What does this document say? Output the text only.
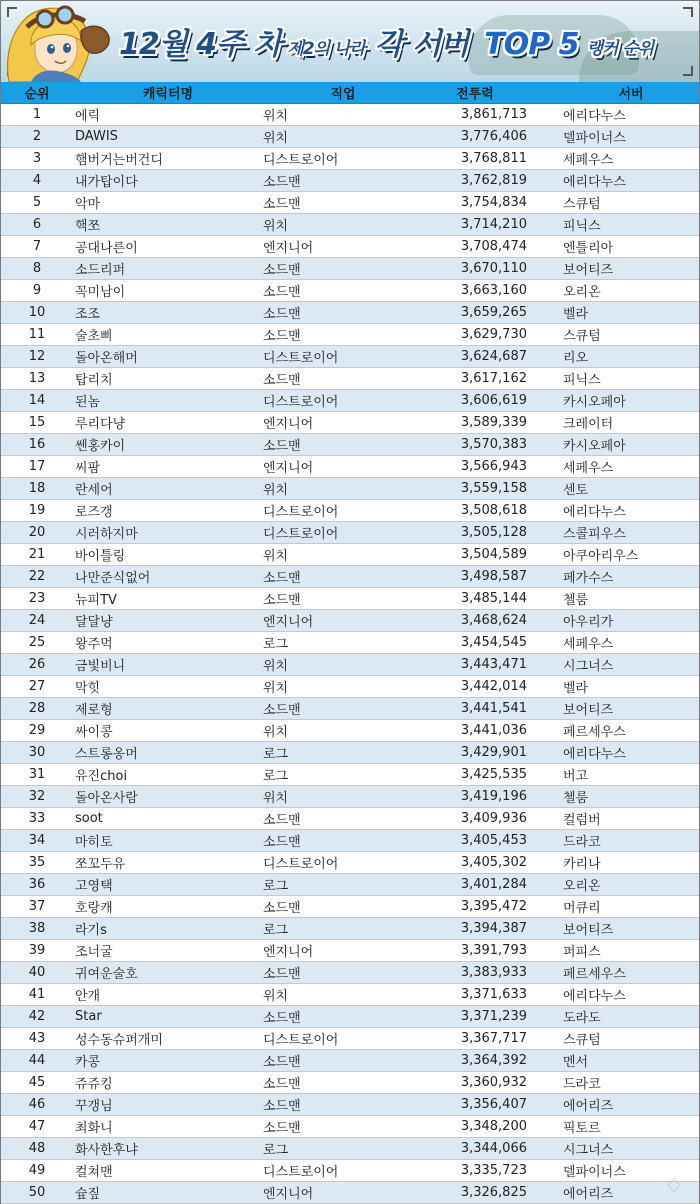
12월 4주 차 제2의 나라 각 서버 TOP 5 랭커 순위
순위	캐릭터명	직업	전투력	서버
1	에릭	위치	3,861,713	에리다누스
2	DAWIS	위치	3,776,406	델파이너스
3	햄버거는버건디	디스트로이어	3,768,811	세페우스
4	내가탑이다	소드맨	3,762,819	에리다누스
5	악마	소드맨	3,754,834	스큐텀
6	핵쪼	위치	3,714,210	피닉스
7	공대나른이	엔지니어	3,708,474	엔틀리아
8	소드리퍼	소드맨	3,670,110	보어티즈
9	꼭미남이	소드맨	3,663,160	오리온
10	조조	소드맨	3,659,265	벨라
11	술초삐	소드맨	3,629,730	스큐텀
12	돌아온해머	디스트로이어	3,624,687	리오
13	탑리치	소드맨	3,617,162	피닉스
14	된놈	디스트로이어	3,606,619	카시오페아
15	루리다냥	엔지니어	3,589,339	크레이터
16	쎈홍카이	소드맨	3,570,383	카시오페아
17	씨팜	엔지니어	3,566,943	세페우스
18	란세어	위치	3,559,158	센토
19	로즈갱	디스트로이어	3,508,618	에리다누스
20	시러하지마	디스트로이어	3,505,128	스콜피우스
21	바이틀링	위치	3,504,589	아쿠아리우스
22	나만준식없어	소드맨	3,498,587	페가수스
23	뉴피TV	소드맨	3,485,144	첼룸
24	달달냥	엔지니어	3,468,624	아우리가
25	왕주먹	로그	3,454,545	세페우스
26	금빛비니	위치	3,443,471	시그너스
27	막힛	위치	3,442,014	벨라
28	제로형	소드맨	3,441,541	보어티즈
29	싸이콩	위치	3,441,036	페르세우스
30	스트롱옹머	로그	3,429,901	에리다누스
31	유진choi	로그	3,425,535	버고
32	돌아온사람	위치	3,419,196	첼룸
33	soot	소드맨	3,409,936	컬럼버
34	마히토	소드맨	3,405,453	드라코
35	쪼꼬두유	디스트로이어	3,405,302	카리나
36	고영택	로그	3,401,284	오리온
37	호랑캐	소드맨	3,395,472	머큐리
38	라기s	로그	3,394,387	보어티즈
39	조너굴	엔지니어	3,391,793	퍼피스
40	귀여운술호	소드맨	3,383,933	페르세우스
41	안개	위치	3,371,633	에리다누스
42	Star	소드맨	3,371,239	도라도
43	성수동슈퍼개미	디스트로이어	3,367,717	스큐텀
44	카콩	소드맨	3,364,392	멘서
45	쥬쥬킹	소드맨	3,360,932	드라코
46	꾸갱님	소드맨	3,356,407	에어리즈
47	최화니	소드맨	3,348,200	픽토르
48	화사한후냐	로그	3,344,066	시그너스
49	컬쳐맨	디스트로이어	3,335,723	델파이너스
50	슢짚	엔지니어	3,326,825	에어리즈	◇
